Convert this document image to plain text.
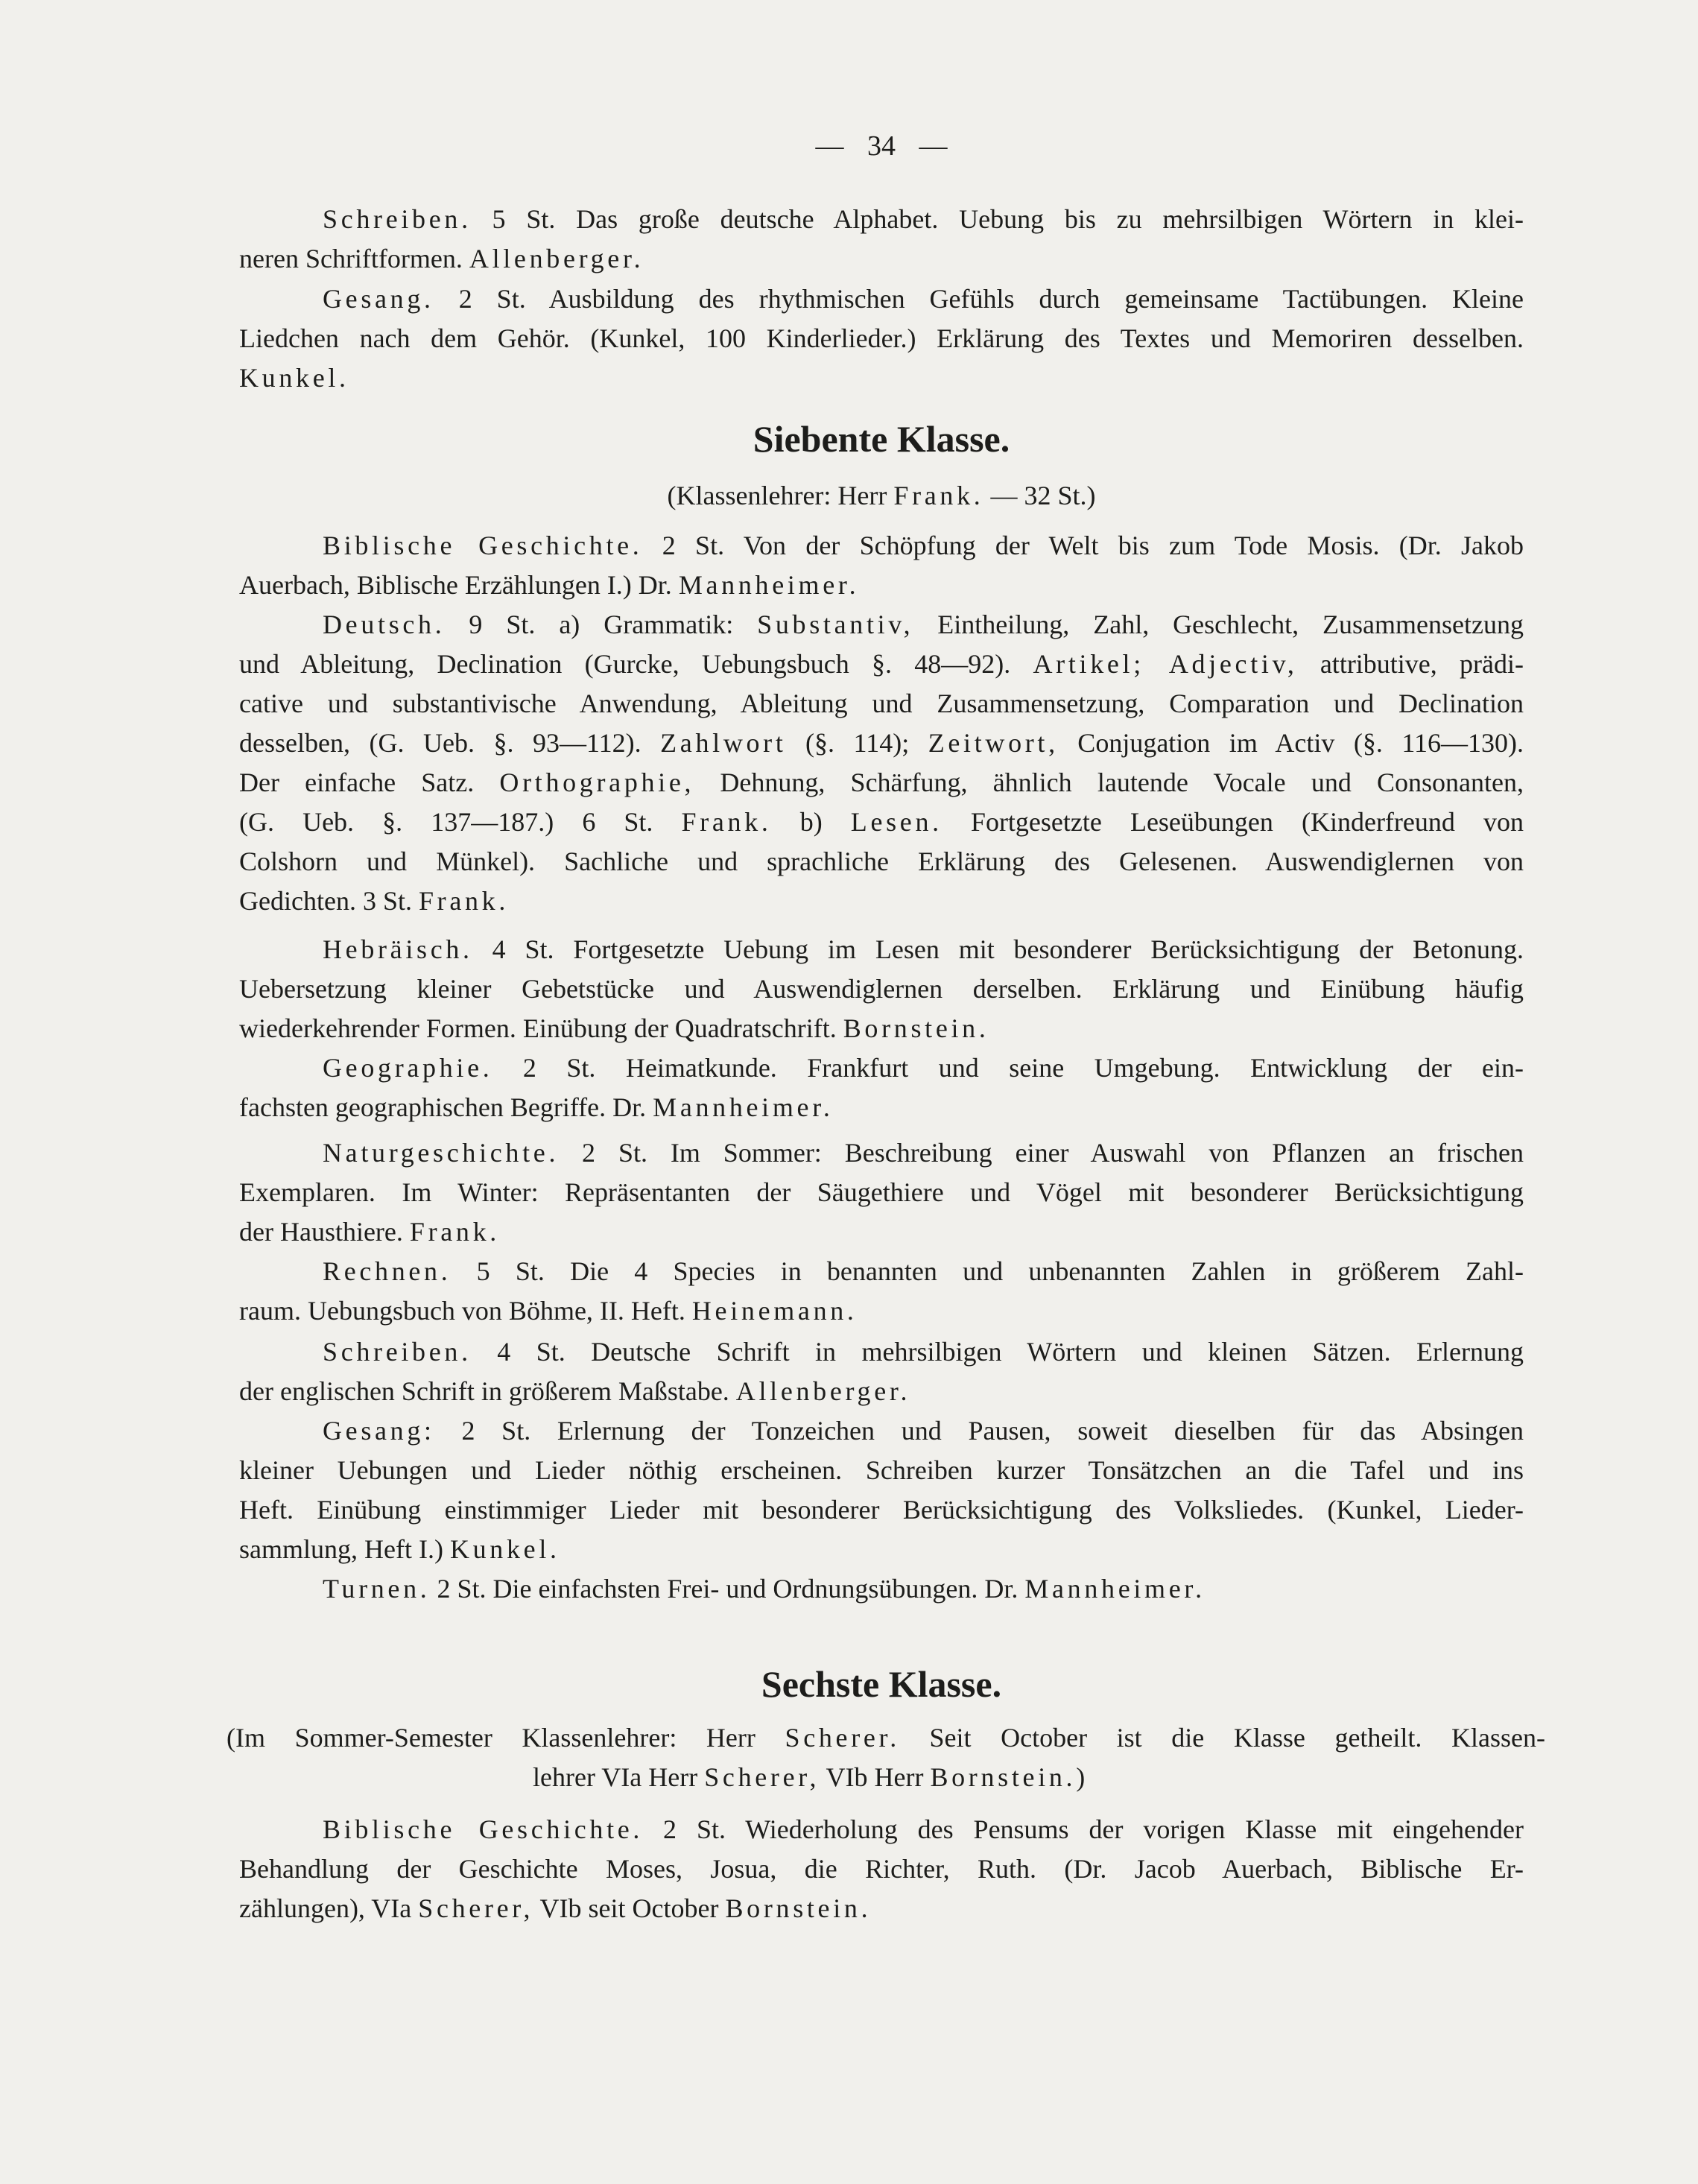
— 34 —
Schreiben. 5 St. Das große deutsche Alphabet. Uebung bis zu mehrsilbigen Wörtern in klei-
neren Schriftformen. Allenberger.
Gesang. 2 St. Ausbildung des rhythmischen Gefühls durch gemeinsame Tactübungen. Kleine
Liedchen nach dem Gehör. (Kunkel, 100 Kinderlieder.) Erklärung des Textes und Memoriren desselben.
Kunkel.
Siebente Klasse.
(Klassenlehrer: Herr Frank. — 32 St.)
Biblische Geschichte. 2 St. Von der Schöpfung der Welt bis zum Tode Mosis. (Dr. Jakob
Auerbach, Biblische Erzählungen I.) Dr. Mannheimer.
Deutsch. 9 St. a) Grammatik: Substantiv, Eintheilung, Zahl, Geschlecht, Zusammensetzung
und Ableitung, Declination (Gurcke, Uebungsbuch §. 48—92). Artikel; Adjectiv, attributive, prädi-
cative und substantivische Anwendung, Ableitung und Zusammensetzung, Comparation und Declination
desselben, (G. Ueb. §. 93—112). Zahlwort (§. 114); Zeitwort, Conjugation im Activ (§. 116—130).
Der einfache Satz. Orthographie, Dehnung, Schärfung, ähnlich lautende Vocale und Consonanten,
(G. Ueb. §. 137—187.) 6 St. Frank. b) Lesen. Fortgesetzte Leseübungen (Kinderfreund von
Colshorn und Münkel). Sachliche und sprachliche Erklärung des Gelesenen. Auswendiglernen von
Gedichten. 3 St. Frank.
Hebräisch. 4 St. Fortgesetzte Uebung im Lesen mit besonderer Berücksichtigung der Betonung.
Uebersetzung kleiner Gebetstücke und Auswendiglernen derselben. Erklärung und Einübung häufig
wiederkehrender Formen. Einübung der Quadratschrift. Bornstein.
Geographie. 2 St. Heimatkunde. Frankfurt und seine Umgebung. Entwicklung der ein-
fachsten geographischen Begriffe. Dr. Mannheimer.
Naturgeschichte. 2 St. Im Sommer: Beschreibung einer Auswahl von Pflanzen an frischen
Exemplaren. Im Winter: Repräsentanten der Säugethiere und Vögel mit besonderer Berücksichtigung
der Hausthiere. Frank.
Rechnen. 5 St. Die 4 Species in benannten und unbenannten Zahlen in größerem Zahl-
raum. Uebungsbuch von Böhme, II. Heft. Heinemann.
Schreiben. 4 St. Deutsche Schrift in mehrsilbigen Wörtern und kleinen Sätzen. Erlernung
der englischen Schrift in größerem Maßstabe. Allenberger.
Gesang: 2 St. Erlernung der Tonzeichen und Pausen, soweit dieselben für das Absingen
kleiner Uebungen und Lieder nöthig erscheinen. Schreiben kurzer Tonsätzchen an die Tafel und ins
Heft. Einübung einstimmiger Lieder mit besonderer Berücksichtigung des Volksliedes. (Kunkel, Lieder-
sammlung, Heft I.) Kunkel.
Turnen. 2 St. Die einfachsten Frei- und Ordnungsübungen. Dr. Mannheimer.
Sechste Klasse.
(Im Sommer-Semester Klassenlehrer: Herr Scherer. Seit October ist die Klasse getheilt. Klassen-
lehrer VIa Herr Scherer, VIb Herr Bornstein.)
Biblische Geschichte. 2 St. Wiederholung des Pensums der vorigen Klasse mit eingehender
Behandlung der Geschichte Moses, Josua, die Richter, Ruth. (Dr. Jacob Auerbach, Biblische Er-
zählungen), VIa Scherer, VIb seit October Bornstein.
